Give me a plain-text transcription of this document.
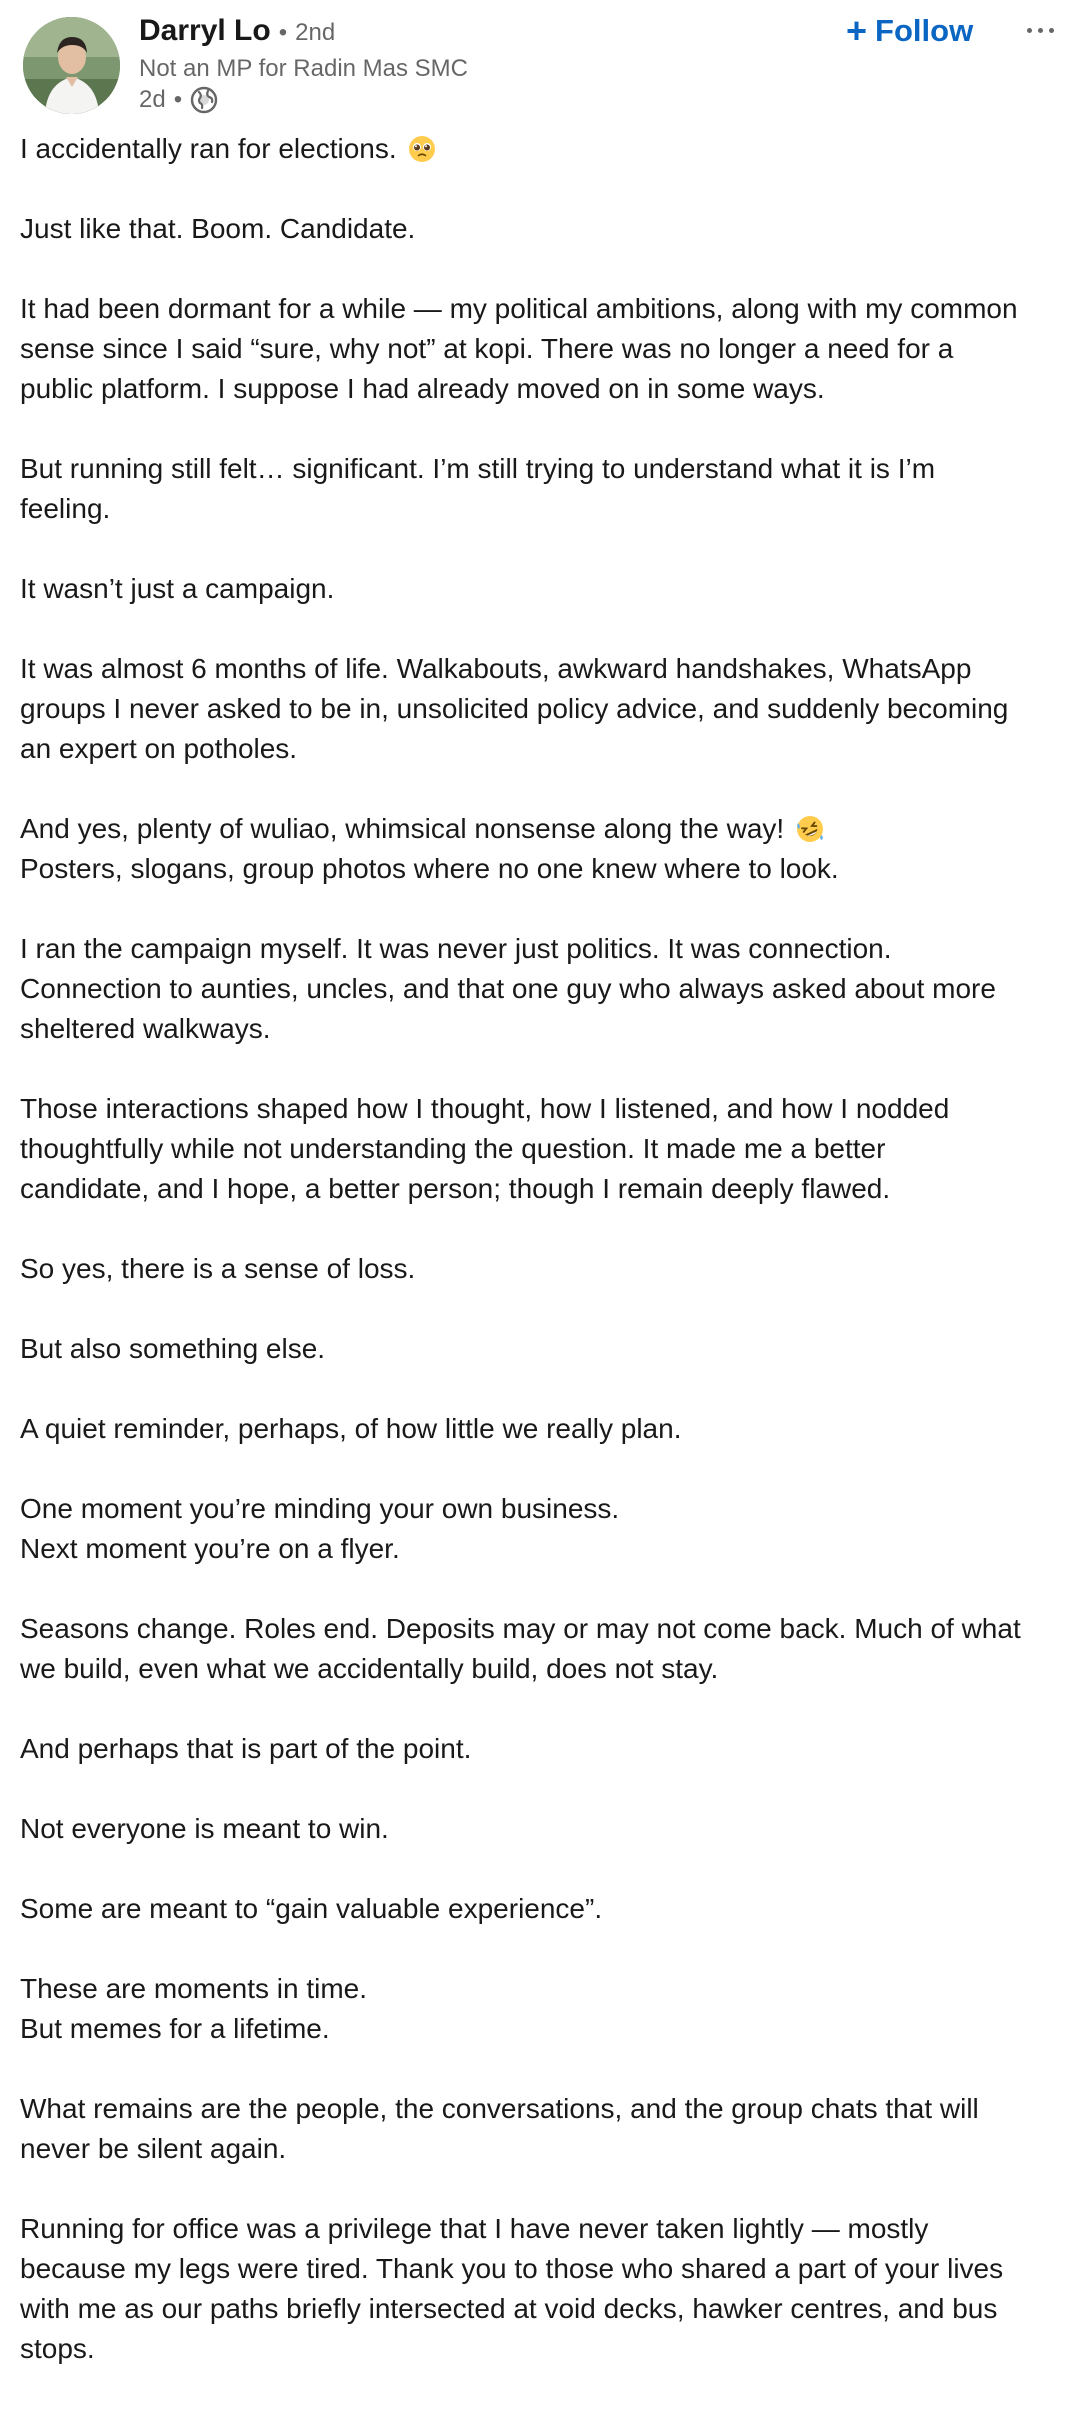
Darryl Lo • 2nd
Not an MP for Radin Mas SMC
2d •
+ Follow

I accidentally ran for elections.

Just like that. Boom. Candidate.

It had been dormant for a while — my political ambitions, along with my common
sense since I said “sure, why not” at kopi. There was no longer a need for a
public platform. I suppose I had already moved on in some ways.

But running still felt… significant. I’m still trying to understand what it is I’m
feeling.

It wasn’t just a campaign.

It was almost 6 months of life. Walkabouts, awkward handshakes, WhatsApp
groups I never asked to be in, unsolicited policy advice, and suddenly becoming
an expert on potholes.

And yes, plenty of wuliao, whimsical nonsense along the way!
Posters, slogans, group photos where no one knew where to look.

I ran the campaign myself. It was never just politics. It was connection.
Connection to aunties, uncles, and that one guy who always asked about more
sheltered walkways.

Those interactions shaped how I thought, how I listened, and how I nodded
thoughtfully while not understanding the question. It made me a better
candidate, and I hope, a better person; though I remain deeply flawed.

So yes, there is a sense of loss.

But also something else.

A quiet reminder, perhaps, of how little we really plan.

One moment you’re minding your own business.
Next moment you’re on a flyer.

Seasons change. Roles end. Deposits may or may not come back. Much of what
we build, even what we accidentally build, does not stay.

And perhaps that is part of the point.

Not everyone is meant to win.

Some are meant to “gain valuable experience”.

These are moments in time.
But memes for a lifetime.

What remains are the people, the conversations, and the group chats that will
never be silent again.

Running for office was a privilege that I have never taken lightly — mostly
because my legs were tired. Thank you to those who shared a part of your lives
with me as our paths briefly intersected at void decks, hawker centres, and bus
stops.
